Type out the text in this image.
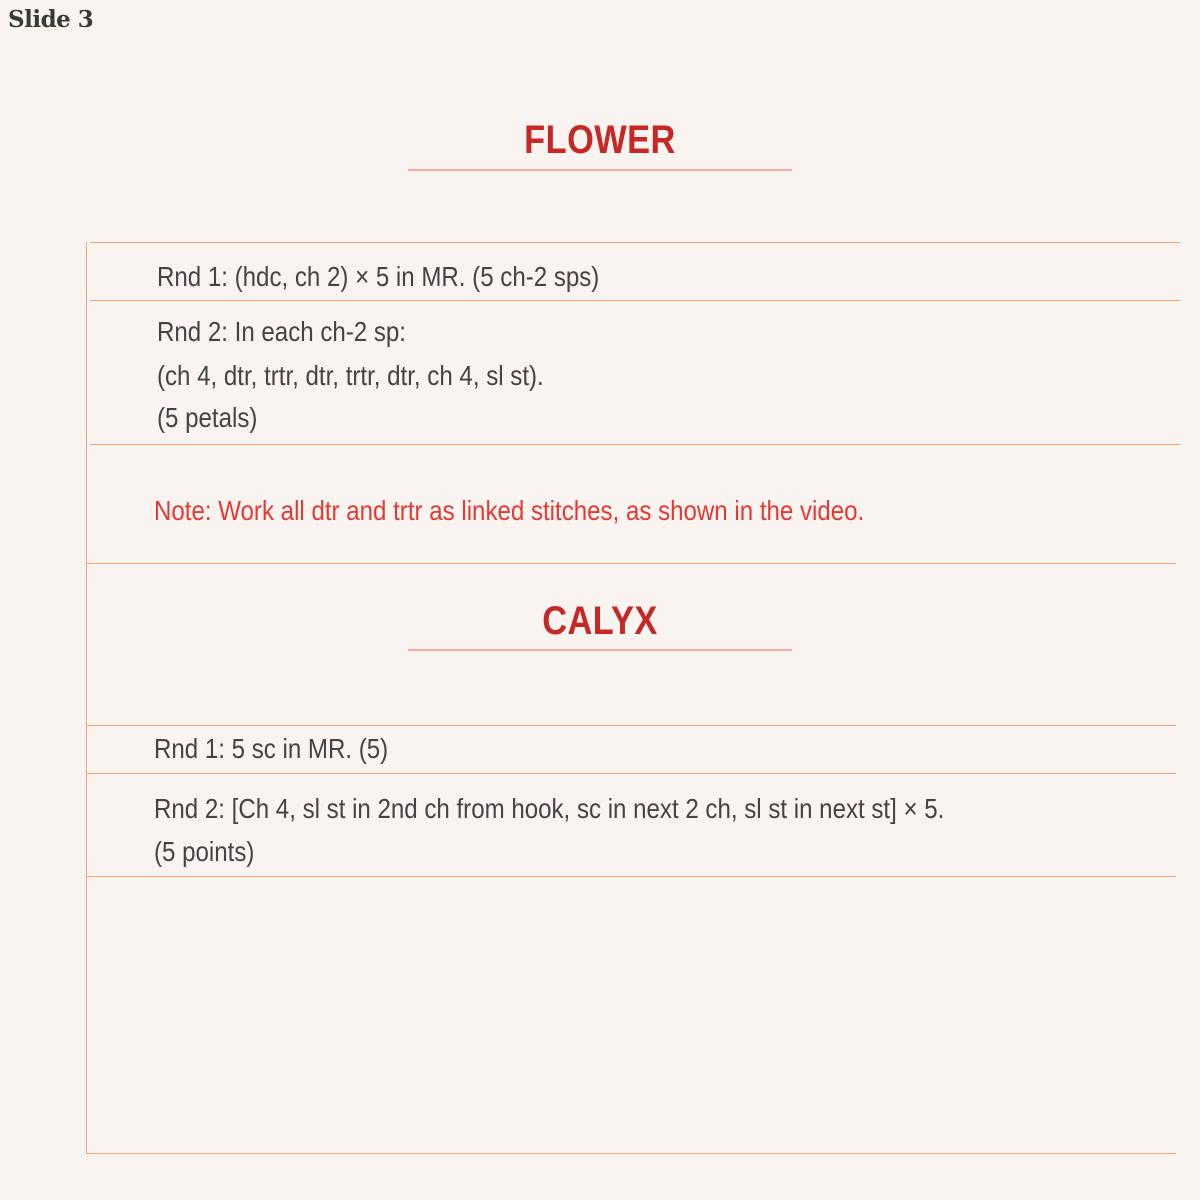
Slide 3
FLOWER
Rnd 1: (hdc, ch 2) × 5 in MR. (5 ch-2 sps)
Rnd 2: In each ch-2 sp:
(ch 4, dtr, trtr, dtr, trtr, dtr, ch 4, sl st).
(5 petals)
Note: Work all dtr and trtr as linked stitches, as shown in the video.
CALYX
Rnd 1: 5 sc in MR. (5)
Rnd 2: [Ch 4, sl st in 2nd ch from hook, sc in next 2 ch, sl st in next st] × 5.
(5 points)
